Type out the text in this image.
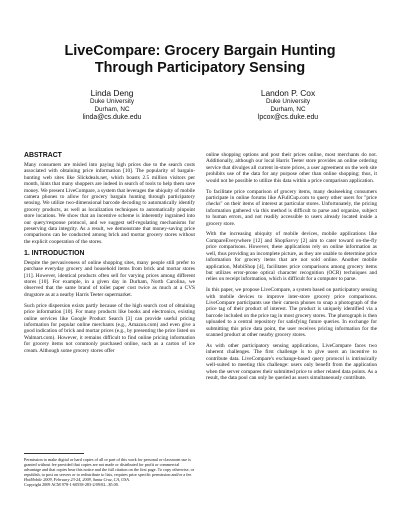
LiveCompare: Grocery Bargain Hunting
Through Participatory Sensing
Linda Deng
Duke University
Durham, NC
linda@cs.duke.edu
Landon P. Cox
Duke University
Durham, NC
lpcox@cs.duke.edu
ABSTRACT

Many consumers are misled into paying high prices due to the search costs associated with obtaining price information [10]. The popularity of bargain-hunting web sites like Slickdeals.net, which boasts 2.5 million visitors per month, hints that many shoppers are indeed in search of tools to help them save money. We present LiveCompare, a system that leverages the ubiquity of mobile camera phones to allow for grocery bargain hunting through participatory sensing. We utilize two-dimensional barcode decoding to automatically identify grocery products, as well as localization techniques to automatically pinpoint store locations. We show that an incentive scheme is inherently ingrained into our query/response protocol, and we suggest self-regulating mechanisms for preserving data integrity. As a result, we demonstrate that money-saving price comparisons can be conducted among brick and mortar grocery stores without the explicit cooperation of the stores.

1. INTRODUCTION

Despite the pervasiveness of online shopping sites, many people still prefer to purchase everyday grocery and household items from brick and mortar stores [11]. However, identical products often sell for varying prices among different stores [10]. For example, in a given day in Durham, North Carolina, we observed that the same brand of toilet paper cost twice as much at a CVS drugstore as at a nearby Harris Teeter supermarket.

Such price dispersion exists partly because of the high search cost of obtaining price information [10]. For many products like books and electronics, existing online services like Google Product Search [3] can provide useful pricing information for popular online merchants (e.g., Amazon.com) and even give a good indication of brick and mortar prices (e.g., by presenting the price listed on Walmart.com). However, it remains difficult to find online pricing information for grocery items not commonly purchased online, such as a carton of ice cream. Although some grocery stores offer

online shopping options and post their prices online, most merchants do not. Additionally, although our local Harris Teeter store provides an online ordering service that divulges all current in-store prices, a user agreement on the web site prohibits use of the data for any purpose other than online shopping; thus, it would not be possible to utilize this data within a price comparison application.

To facilitate price comparison of grocery items, many dealseeking consumers participate in online forums like AFullCup.com to query other users for "price checks" on their items of interest at particular stores. Unfortunately, the pricing information gathered via this method is difficult to parse and organize, subject to human errors, and not readily accessible to users already located inside a grocery store.

With the increasing ubiquity of mobile devices, mobile applications like CompareEverywhere [12] and ShopSavvy [2] aim to cater toward on-the-fly price comparisons. However, these applications rely on online information as well, thus providing an incomplete picture, as they are unable to determine price information for grocery items that are not sold online. Another mobile application, MobiShop [4], facilitates price comparisons among grocery items but utilizes error-prone optical character recognition (OCR) techniques and relies on receipt information, which is difficult for a computer to parse.

In this paper, we propose LiveCompare, a system based on participatory sensing with mobile devices to improve inter-store grocery price comparisons. LiveCompare participants use their camera phones to snap a photograph of the price tag of their product of interest. The product is uniquely identified via a barcode included on the price tag in most grocery stores. The photograph is then uploaded to a central repository for satisfying future queries. In exchange for submitting this price data point, the user receives pricing information for the scanned product at other nearby grocery stores.

As with other participatory sensing applications, LiveCompare faces two inherent challenges. The first challenge is to give users an incentive to contribute data. LiveCompare's exchange-based query protocol is intrinsically well-suited to meeting this challenge: users only benefit from the application when the server compares their submitted price to other related data points. As a result, the data pool can only be queried as users simultaneously contribute.

Permission to make digital or hard copies of all or part of this work for personal or classroom use is granted without fee provided that copies are not made or distributed for profit or commercial advantage and that copies bear this notice and the full citation on the first page. To copy otherwise, or republish, to post on servers or to redistribute to lists, requires prior specific permission and/or a fee.

HotMobile 2009, February 23-24, 2009, Santa Cruz, CA, USA.

Copyright 2009 ACM 978-1-60558-283-2/09/02...$5.00.
